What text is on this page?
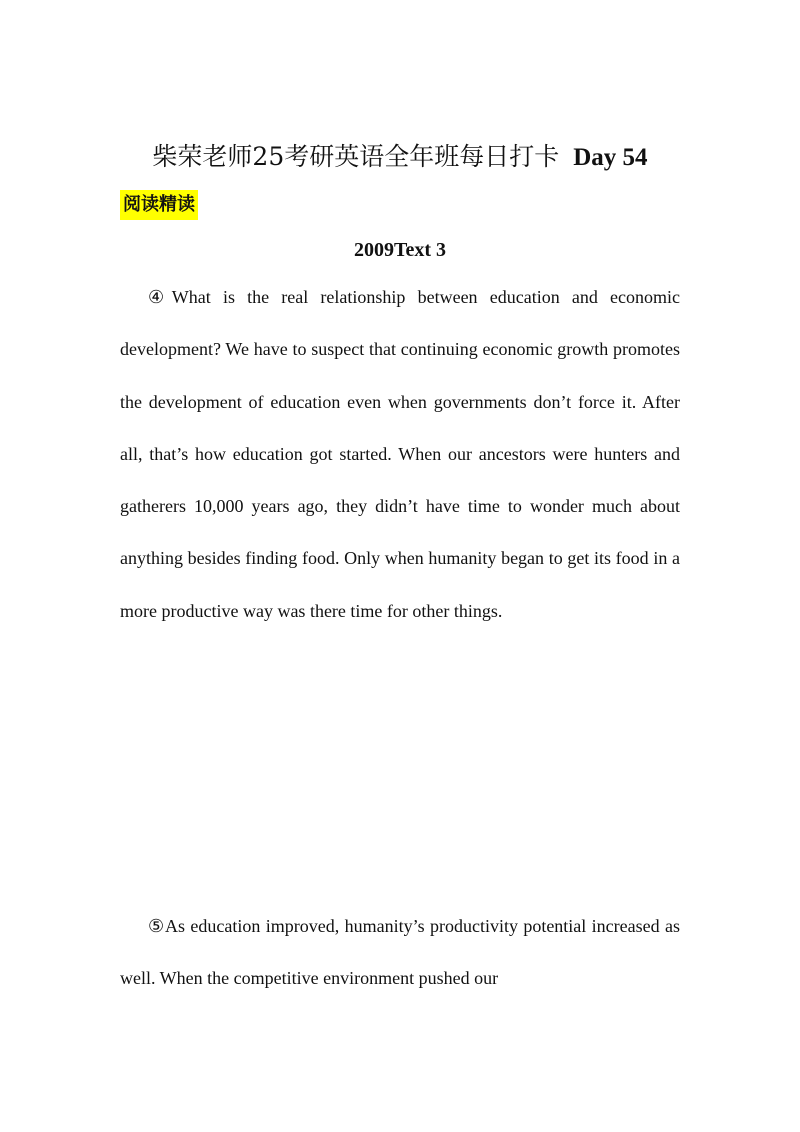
柴荣老师25考研英语全年班每日打卡 Day 54
阅读精读
2009Text 3

④What is the real relationship between education and economic development? We have to suspect that continuing economic growth promotes the development of education even when governments don’t force it. After all, that’s how education got started. When our ancestors were hunters and gatherers 10,000 years ago, they didn’t have time to wonder much about anything besides finding food. Only when humanity began to get its food in a more productive way was there time for other things.

⑤As education improved, humanity’s productivity potential increased as well. When the competitive environment pushed our
